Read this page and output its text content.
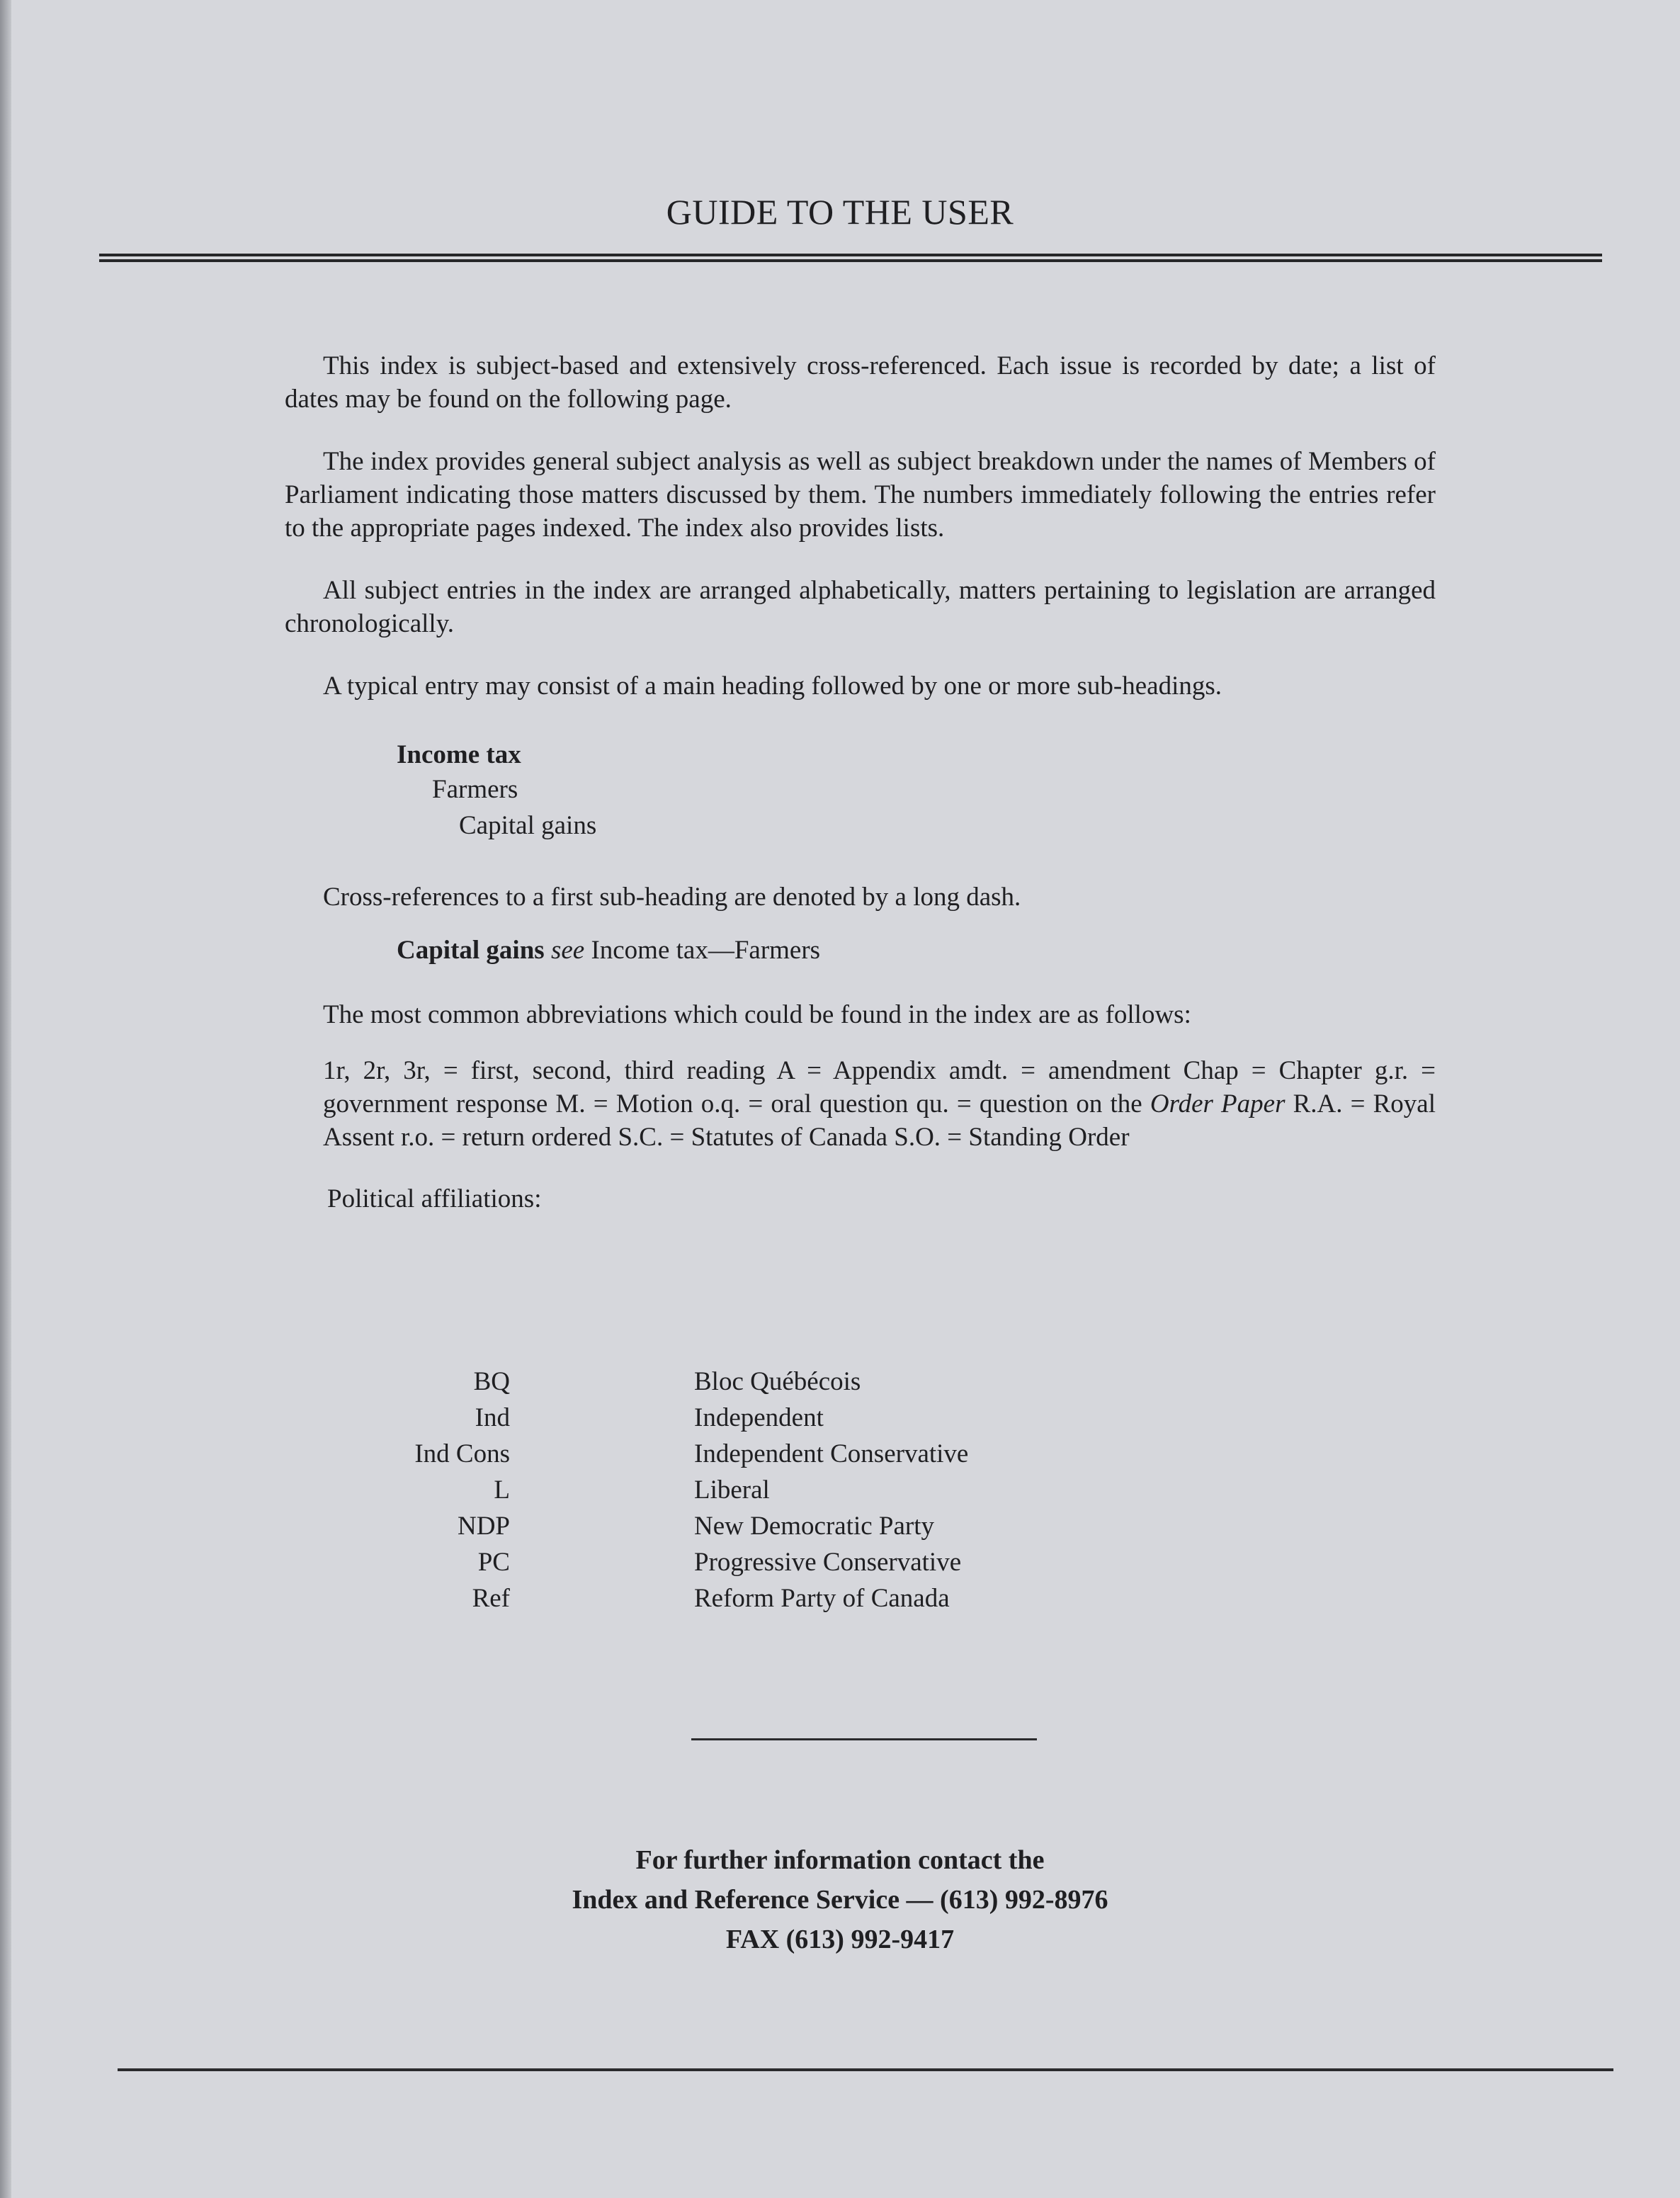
GUIDE TO THE USER

This index is subject-based and extensively cross-referenced. Each issue is recorded by date; a list of dates may be found on the following page.

The index provides general subject analysis as well as subject breakdown under the names of Members of Parliament indicating those matters discussed by them. The numbers immediately following the entries refer to the appropriate pages indexed. The index also provides lists.

All subject entries in the index are arranged alphabetically, matters pertaining to legislation are arranged chronologically.

A typical entry may consist of a main heading followed by one or more sub-headings.

Income tax
Farmers
Capital gains

Cross-references to a first sub-heading are denoted by a long dash.

Capital gains see Income tax—Farmers

The most common abbreviations which could be found in the index are as follows:

1r, 2r, 3r, = first, second, third reading A = Appendix amdt. = amendment Chap = Chapter g.r. = government response M. = Motion o.q. = oral question qu. = question on the Order Paper R.A. = Royal Assent r.o. = return ordered S.C. = Statutes of Canada S.O. = Standing Order

Political affiliations:

BQ
Ind
Ind Cons
L
NDP
PC
Ref
Bloc Québécois
Independent
Independent Conservative
Liberal
New Democratic Party
Progressive Conservative
Reform Party of Canada
For further information contact the
Index and Reference Service — (613) 992-8976
FAX (613) 992-9417
